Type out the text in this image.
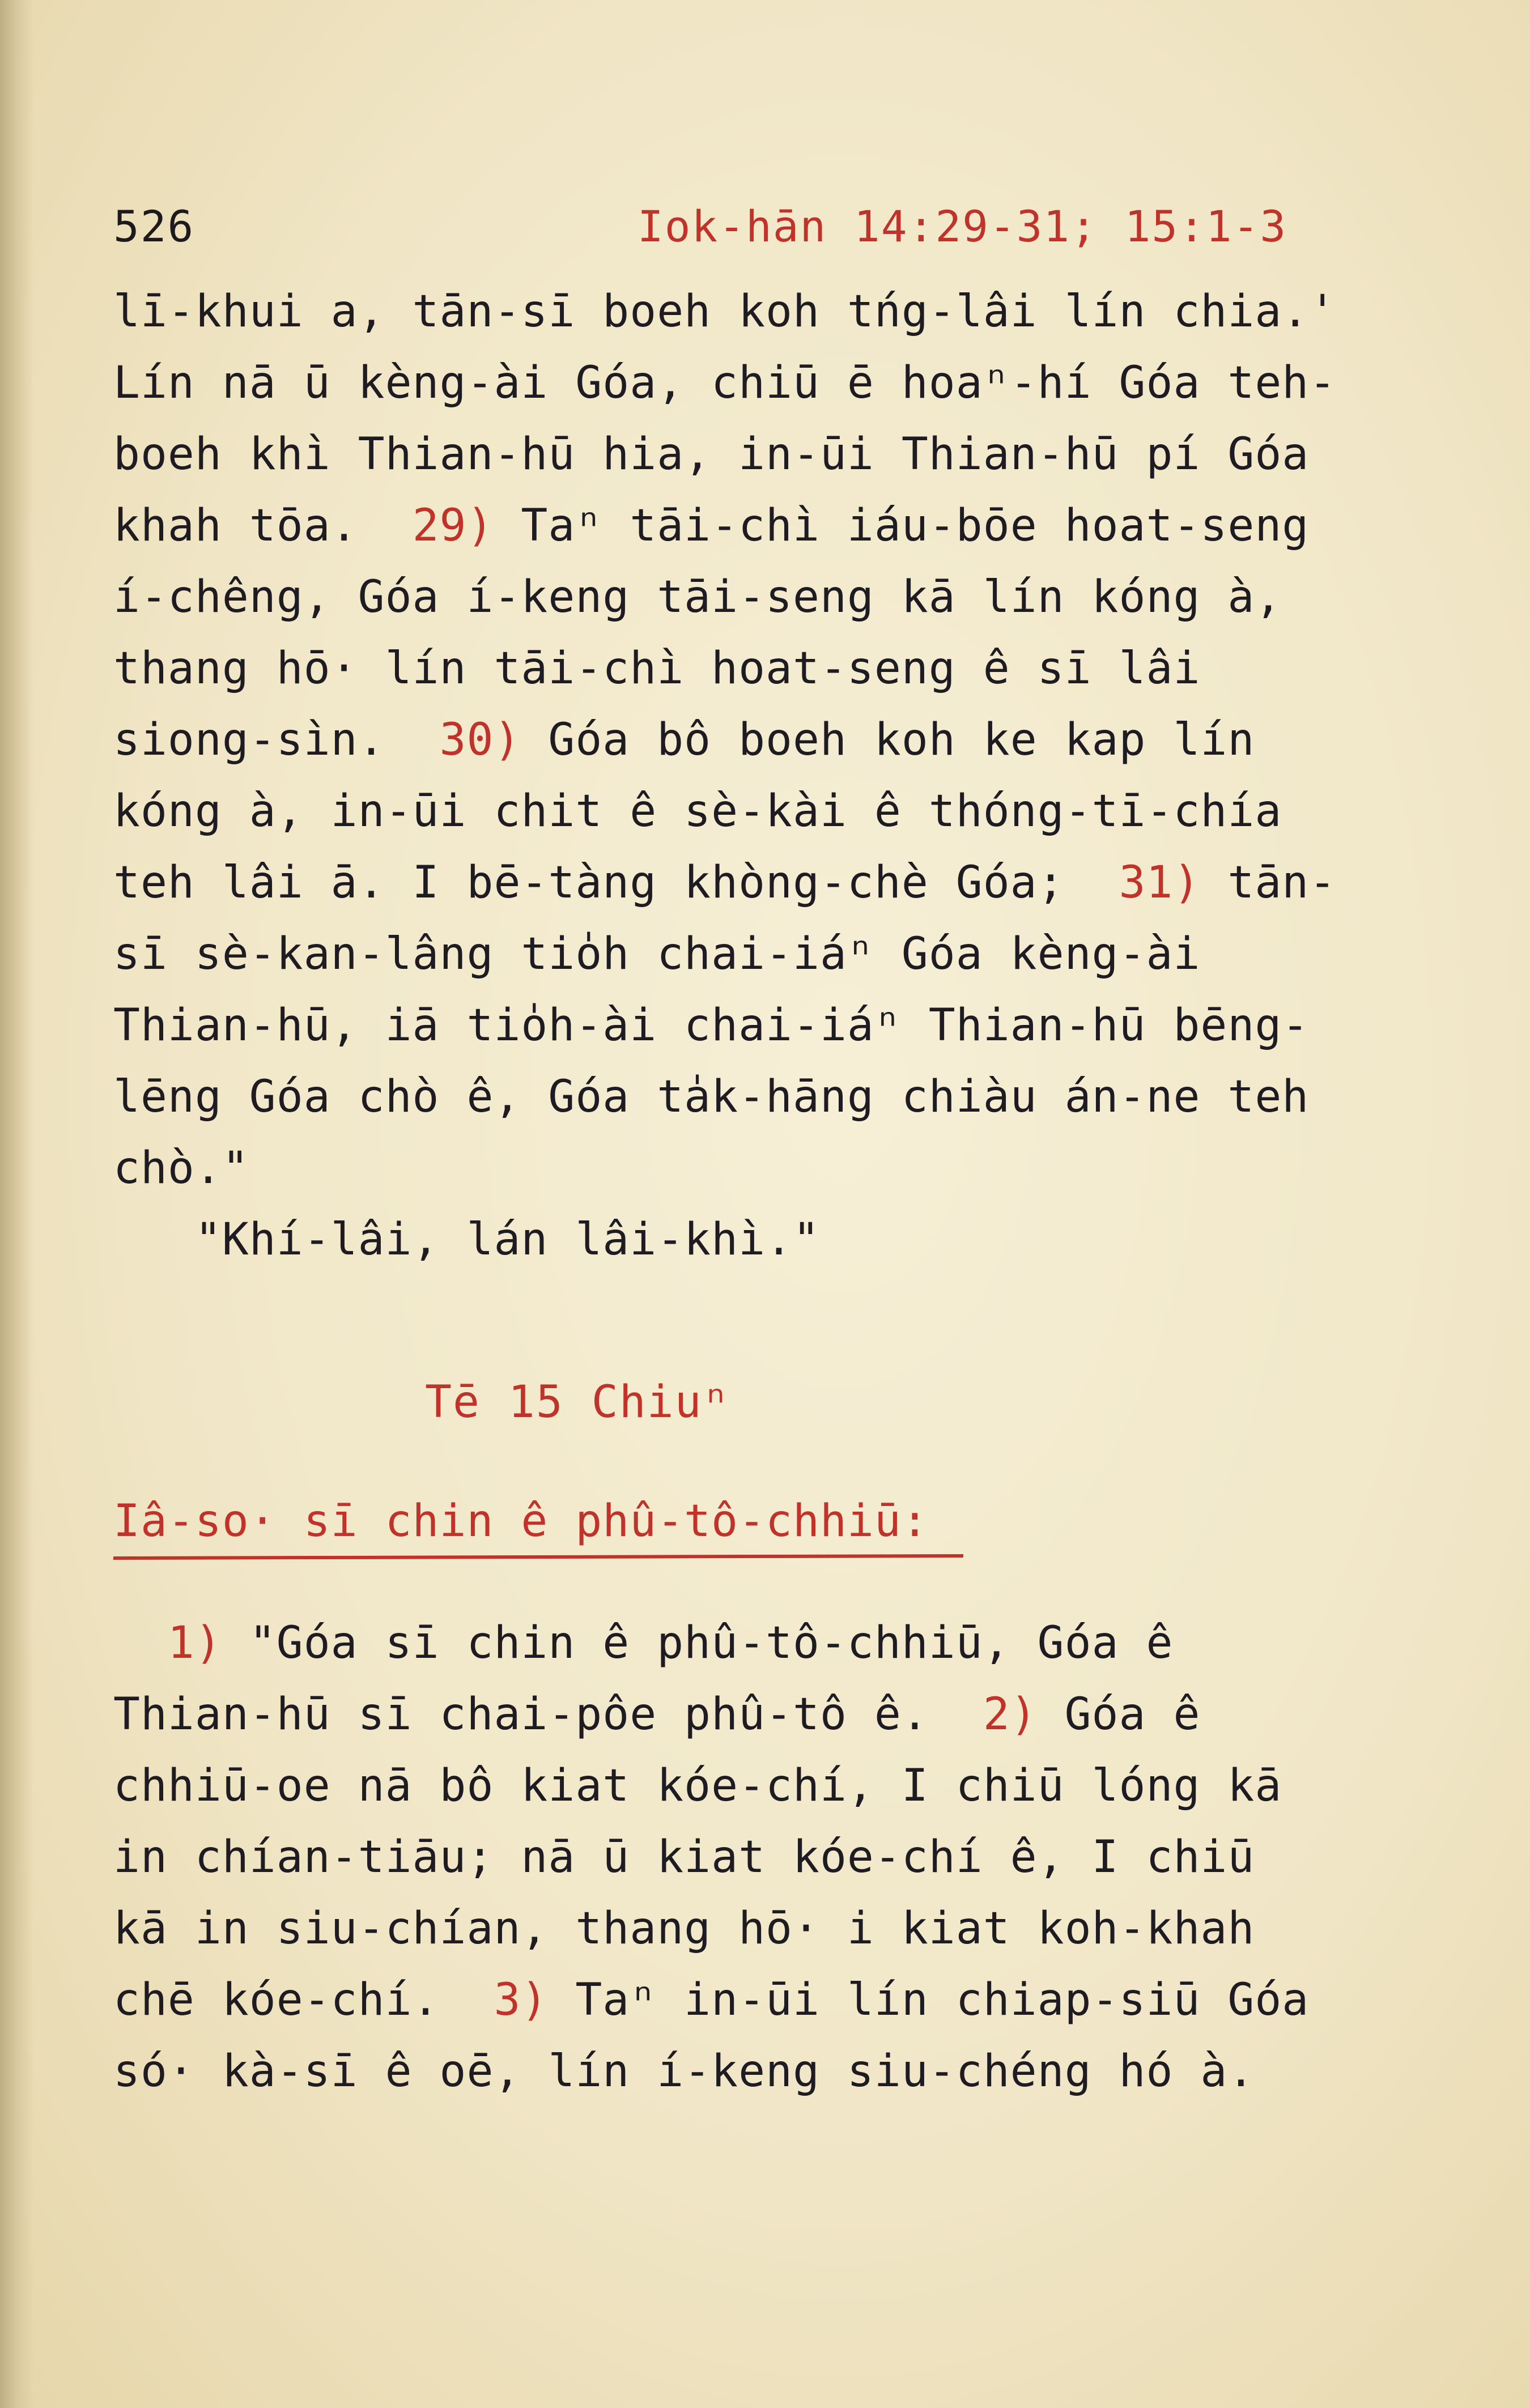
526	Iok-hān 14:29-31; 15:1-3
lī-khui a, tān-sī boeh koh tńg-lâi lín chia.'
Lín nā ū kèng-ài Góa, chiū ē hoaⁿ-hí Góa teh-
boeh khì Thian-hū hia, in-ūi Thian-hū pí Góa
khah tōa.  29) Taⁿ tāi-chì iáu-bōe hoat-seng
í-chêng, Góa í-keng tāi-seng kā lín kóng à,
thang hō· lín tāi-chì hoat-seng ê sī lâi
siong-sìn.  30) Góa bô boeh koh ke kap lín
kóng à, in-ūi chit ê sè-kài ê thóng-tī-chía
teh lâi ā. I bē-tàng khòng-chè Góa;  31) tān-
sī sè-kan-lâng tio̍h chai-iáⁿ Góa kèng-ài
Thian-hū, iā tio̍h-ài chai-iáⁿ Thian-hū bēng-
lēng Góa chò ê, Góa ta̍k-hāng chiàu án-ne teh
chò."
"Khí-lâi, lán lâi-khì."
Tē 15 Chiuⁿ
Iâ-so· sī chin ê phû-tô-chhiū:
1) "Góa sī chin ê phû-tô-chhiū, Góa ê
Thian-hū sī chai-pôe phû-tô ê.  2) Góa ê
chhiū-oe nā bô kiat kóe-chí, I chiū lóng kā
in chían-tiāu; nā ū kiat kóe-chí ê, I chiū
kā in siu-chían, thang hō· i kiat koh-khah
chē kóe-chí.  3) Taⁿ in-ūi lín chiap-siū Góa
só· kà-sī ê oē, lín í-keng siu-chéng hó à.
